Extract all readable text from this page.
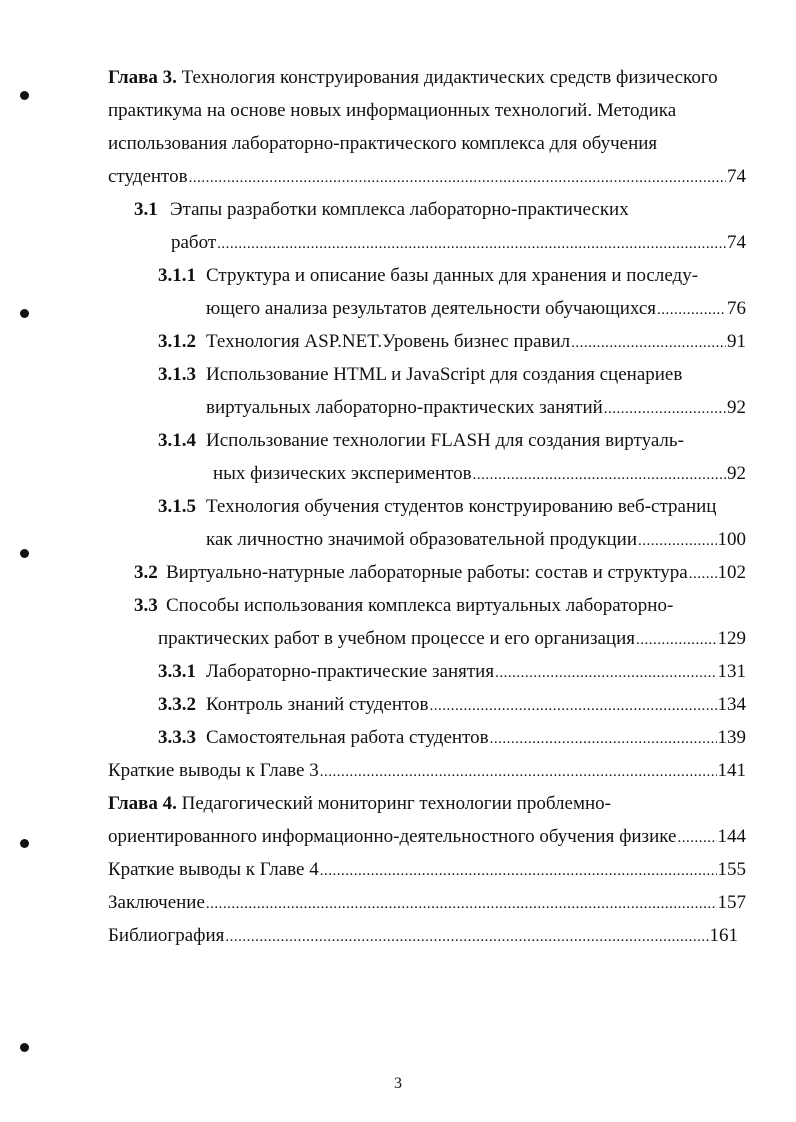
Глава 3. Технология конструирования дидактических средств физического
практикума на основе новых информационных технологий. Методика
использования лабораторно-практического комплекса для обучения
студентов .....	74
3.1 Этапы разработки комплекса лабораторно-практических
работ .....	74
3.1.1 Структура и описание базы данных для хранения и последу-
ющего анализа результатов деятельности обучающихся .....	76
3.1.2 Технология ASP.NET.Уровень бизнес правил .....	91
3.1.3 Использование HTML и JavaScript для создания сценариев
виртуальных лабораторно-практических занятий .....	92
3.1.4 Использование технологии FLASH для создания виртуаль-
ных физических экспериментов .....	92
3.1.5 Технология обучения студентов конструированию веб-страниц
как личностно значимой образовательной продукции .....	100
3.2 Виртуально-натурные лабораторные работы: состав и структура ..... 102
3.3 Способы использования комплекса виртуальных лабораторно-
практических работ в учебном процессе и его организация .....	129
3.3.1 Лабораторно-практические занятия .....	131
3.3.2 Контроль знаний студентов .....	134
3.3.3 Самостоятельная работа студентов .....	139
Краткие выводы к Главе 3 .....	141
Глава 4. Педагогический мониторинг технологии проблемно-
ориентированного информационно-деятельностного обучения физике ..... 144
Краткие выводы к Главе 4 .....	155
Заключение .....	157
Библиография .....	161
3
